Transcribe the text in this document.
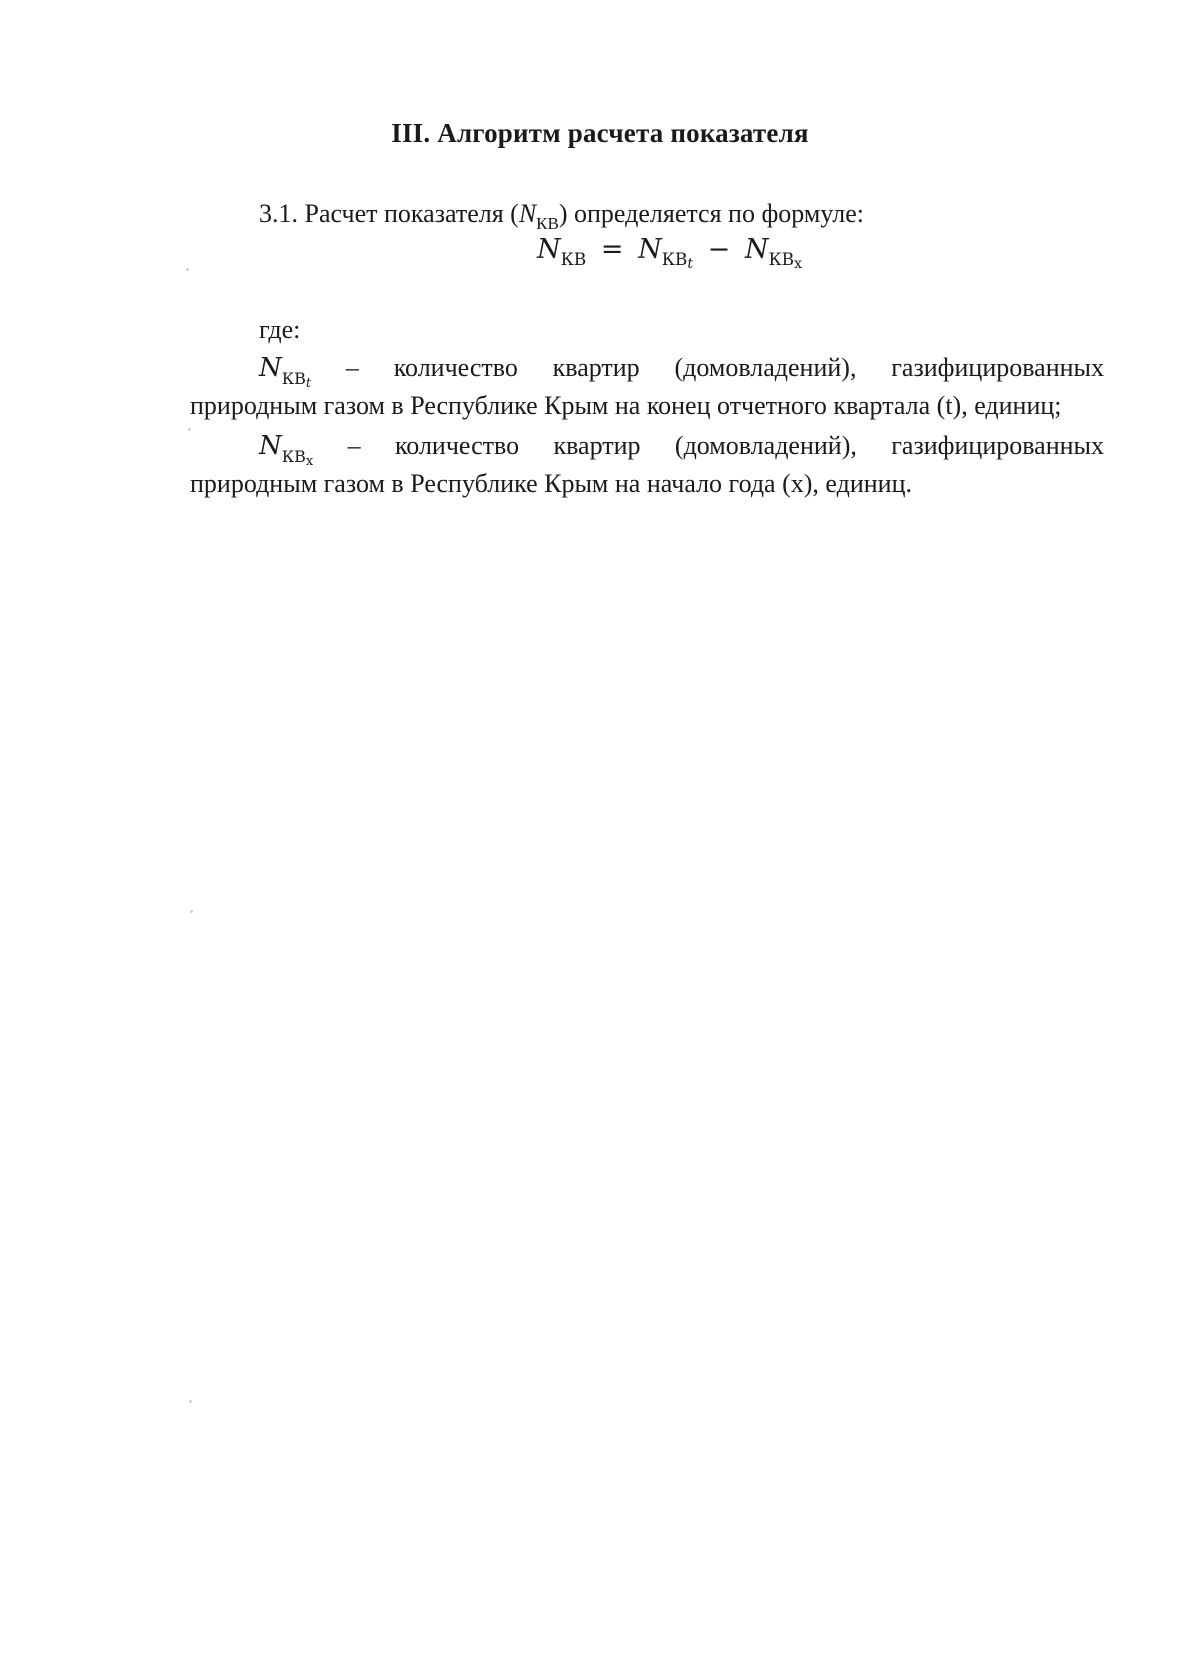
III. Алгоритм расчета показателя

3.1. Расчет показателя $(N_{КВ})$ определяется по формуле:

$N_{КВ} = N_{КВt} - N_{КВx}$

где:

$N_{КВt}$
– количество квартир (домовладений), газифицированных

природным газом в Республике Крым на конец отчетного квартала (t), единиц;

$N_{КВx}$
– количество квартир (домовладений), газифицированных

природным газом в Республике Крым на начало года (x), единиц.
